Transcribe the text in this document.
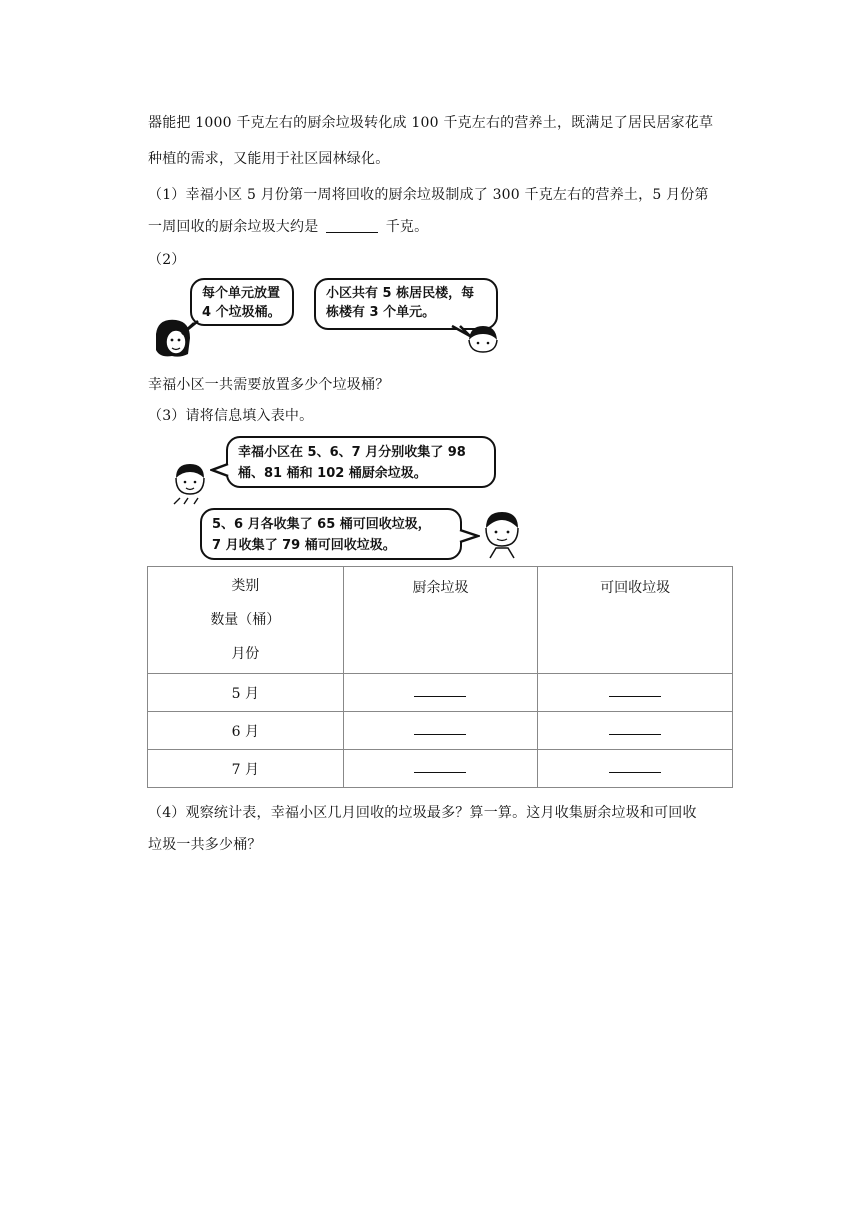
器能把 1000 千克左右的厨余垃圾转化成 100 千克左右的营养土，既满足了居民居家花草
种植的需求，又能用于社区园林绿化。
（1）幸福小区 5 月份第一周将回收的厨余垃圾制成了 300 千克左右的营养土，5 月份第
一周回收的厨余垃圾大约是	千克。
（2）
每个单元放置
4 个垃圾桶。
小区共有 5 栋居民楼，每
栋楼有 3 个单元。
幸福小区一共需要放置多少个垃圾桶？
（3）请将信息填入表中。
幸福小区在 5、6、7 月分别收集了 98
桶、81 桶和 102 桶厨余垃圾。
5、6 月各收集了 65 桶可回收垃圾，
7 月收集了 79 桶可回收垃圾。
类别
数量（桶）
月份	厨余垃圾	可回收垃圾

5 月		
6 月		
7 月		
（4）观察统计表，幸福小区几月回收的垃圾最多？算一算。这月收集厨余垃圾和可回收
垃圾一共多少桶？
